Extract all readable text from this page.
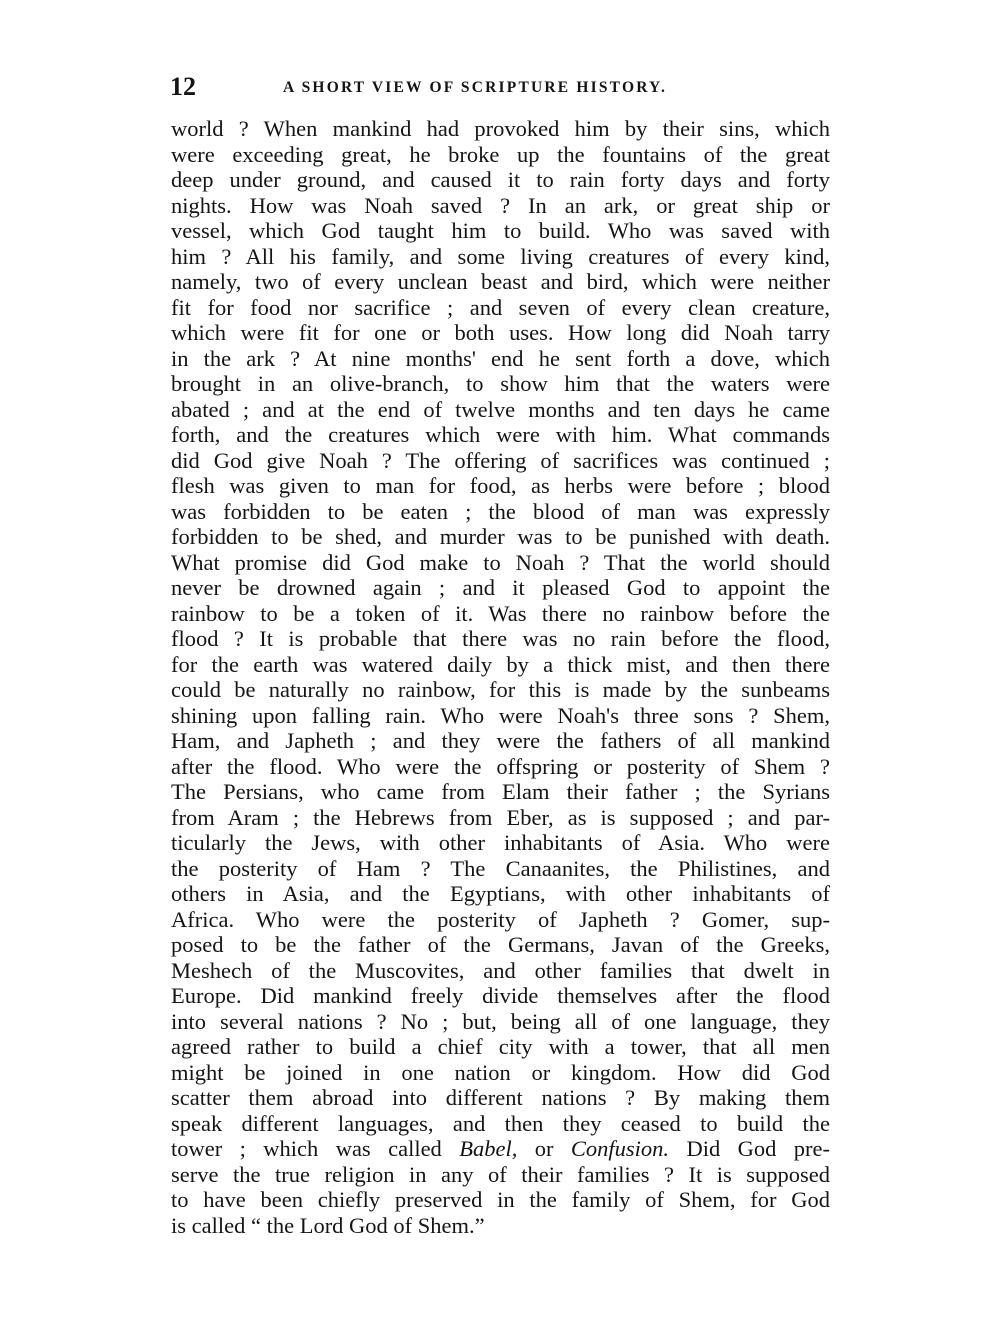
12	A SHORT VIEW OF SCRIPTURE HISTORY.
world ? When mankind had provoked him by their sins, which
were exceeding great, he broke up the fountains of the great
deep under ground, and caused it to rain forty days and forty
nights. How was Noah saved ? In an ark, or great ship or
vessel, which God taught him to build. Who was saved with
him ? All his family, and some living creatures of every kind,
namely, two of every unclean beast and bird, which were neither
fit for food nor sacrifice ; and seven of every clean creature,
which were fit for one or both uses. How long did Noah tarry
in the ark ? At nine months' end he sent forth a dove, which
brought in an olive-branch, to show him that the waters were
abated ; and at the end of twelve months and ten days he came
forth, and the creatures which were with him. What commands
did God give Noah ? The offering of sacrifices was continued ;
flesh was given to man for food, as herbs were before ; blood
was forbidden to be eaten ; the blood of man was expressly
forbidden to be shed, and murder was to be punished with death.
What promise did God make to Noah ? That the world should
never be drowned again ; and it pleased God to appoint the
rainbow to be a token of it. Was there no rainbow before the
flood ? It is probable that there was no rain before the flood,
for the earth was watered daily by a thick mist, and then there
could be naturally no rainbow, for this is made by the sunbeams
shining upon falling rain. Who were Noah's three sons ? Shem,
Ham, and Japheth ; and they were the fathers of all mankind
after the flood. Who were the offspring or posterity of Shem ?
The Persians, who came from Elam their father ; the Syrians
from Aram ; the Hebrews from Eber, as is supposed ; and par-
ticularly the Jews, with other inhabitants of Asia. Who were
the posterity of Ham ? The Canaanites, the Philistines, and
others in Asia, and the Egyptians, with other inhabitants of
Africa. Who were the posterity of Japheth ? Gomer, sup-
posed to be the father of the Germans, Javan of the Greeks,
Meshech of the Muscovites, and other families that dwelt in
Europe. Did mankind freely divide themselves after the flood
into several nations ? No ; but, being all of one language, they
agreed rather to build a chief city with a tower, that all men
might be joined in one nation or kingdom. How did God
scatter them abroad into different nations ? By making them
speak different languages, and then they ceased to build the
tower ; which was called Babel, or Confusion. Did God pre-
serve the true religion in any of their families ? It is supposed
to have been chiefly preserved in the family of Shem, for God
is called “ the Lord God of Shem.”
